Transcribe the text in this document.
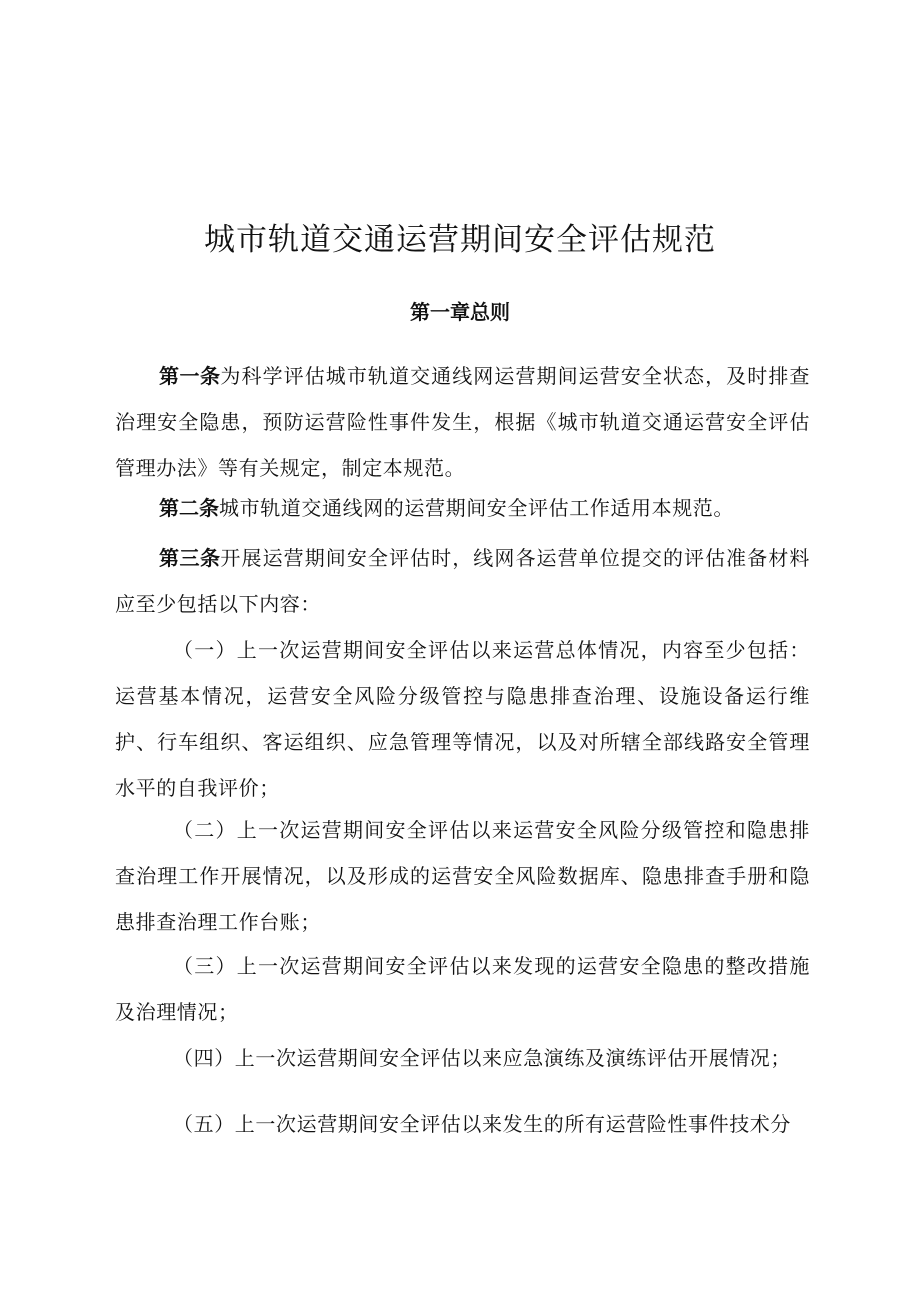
城市轨道交通运营期间安全评估规范
第一章总则

第一条为科学评估城市轨道交通线网运营期间运营安全状态，及时排查治理安全隐患，预防运营险性事件发生，根据《城市轨道交通运营安全评估管理办法》等有关规定，制定本规范。

第二条城市轨道交通线网的运营期间安全评估工作适用本规范。

第三条开展运营期间安全评估时，线网各运营单位提交的评估准备材料应至少包括以下内容：

（一）上一次运营期间安全评估以来运营总体情况，内容至少包括：运营基本情况，运营安全风险分级管控与隐患排查治理、设施设备运行维护、行车组织、客运组织、应急管理等情况，以及对所辖全部线路安全管理水平的自我评价；

（二）上一次运营期间安全评估以来运营安全风险分级管控和隐患排查治理工作开展情况，以及形成的运营安全风险数据库、隐患排查手册和隐患排查治理工作台账；

（三）上一次运营期间安全评估以来发现的运营安全隐患的整改措施及治理情况；

（四）上一次运营期间安全评估以来应急演练及演练评估开展情况；

（五）上一次运营期间安全评估以来发生的所有运营险性事件技术分
